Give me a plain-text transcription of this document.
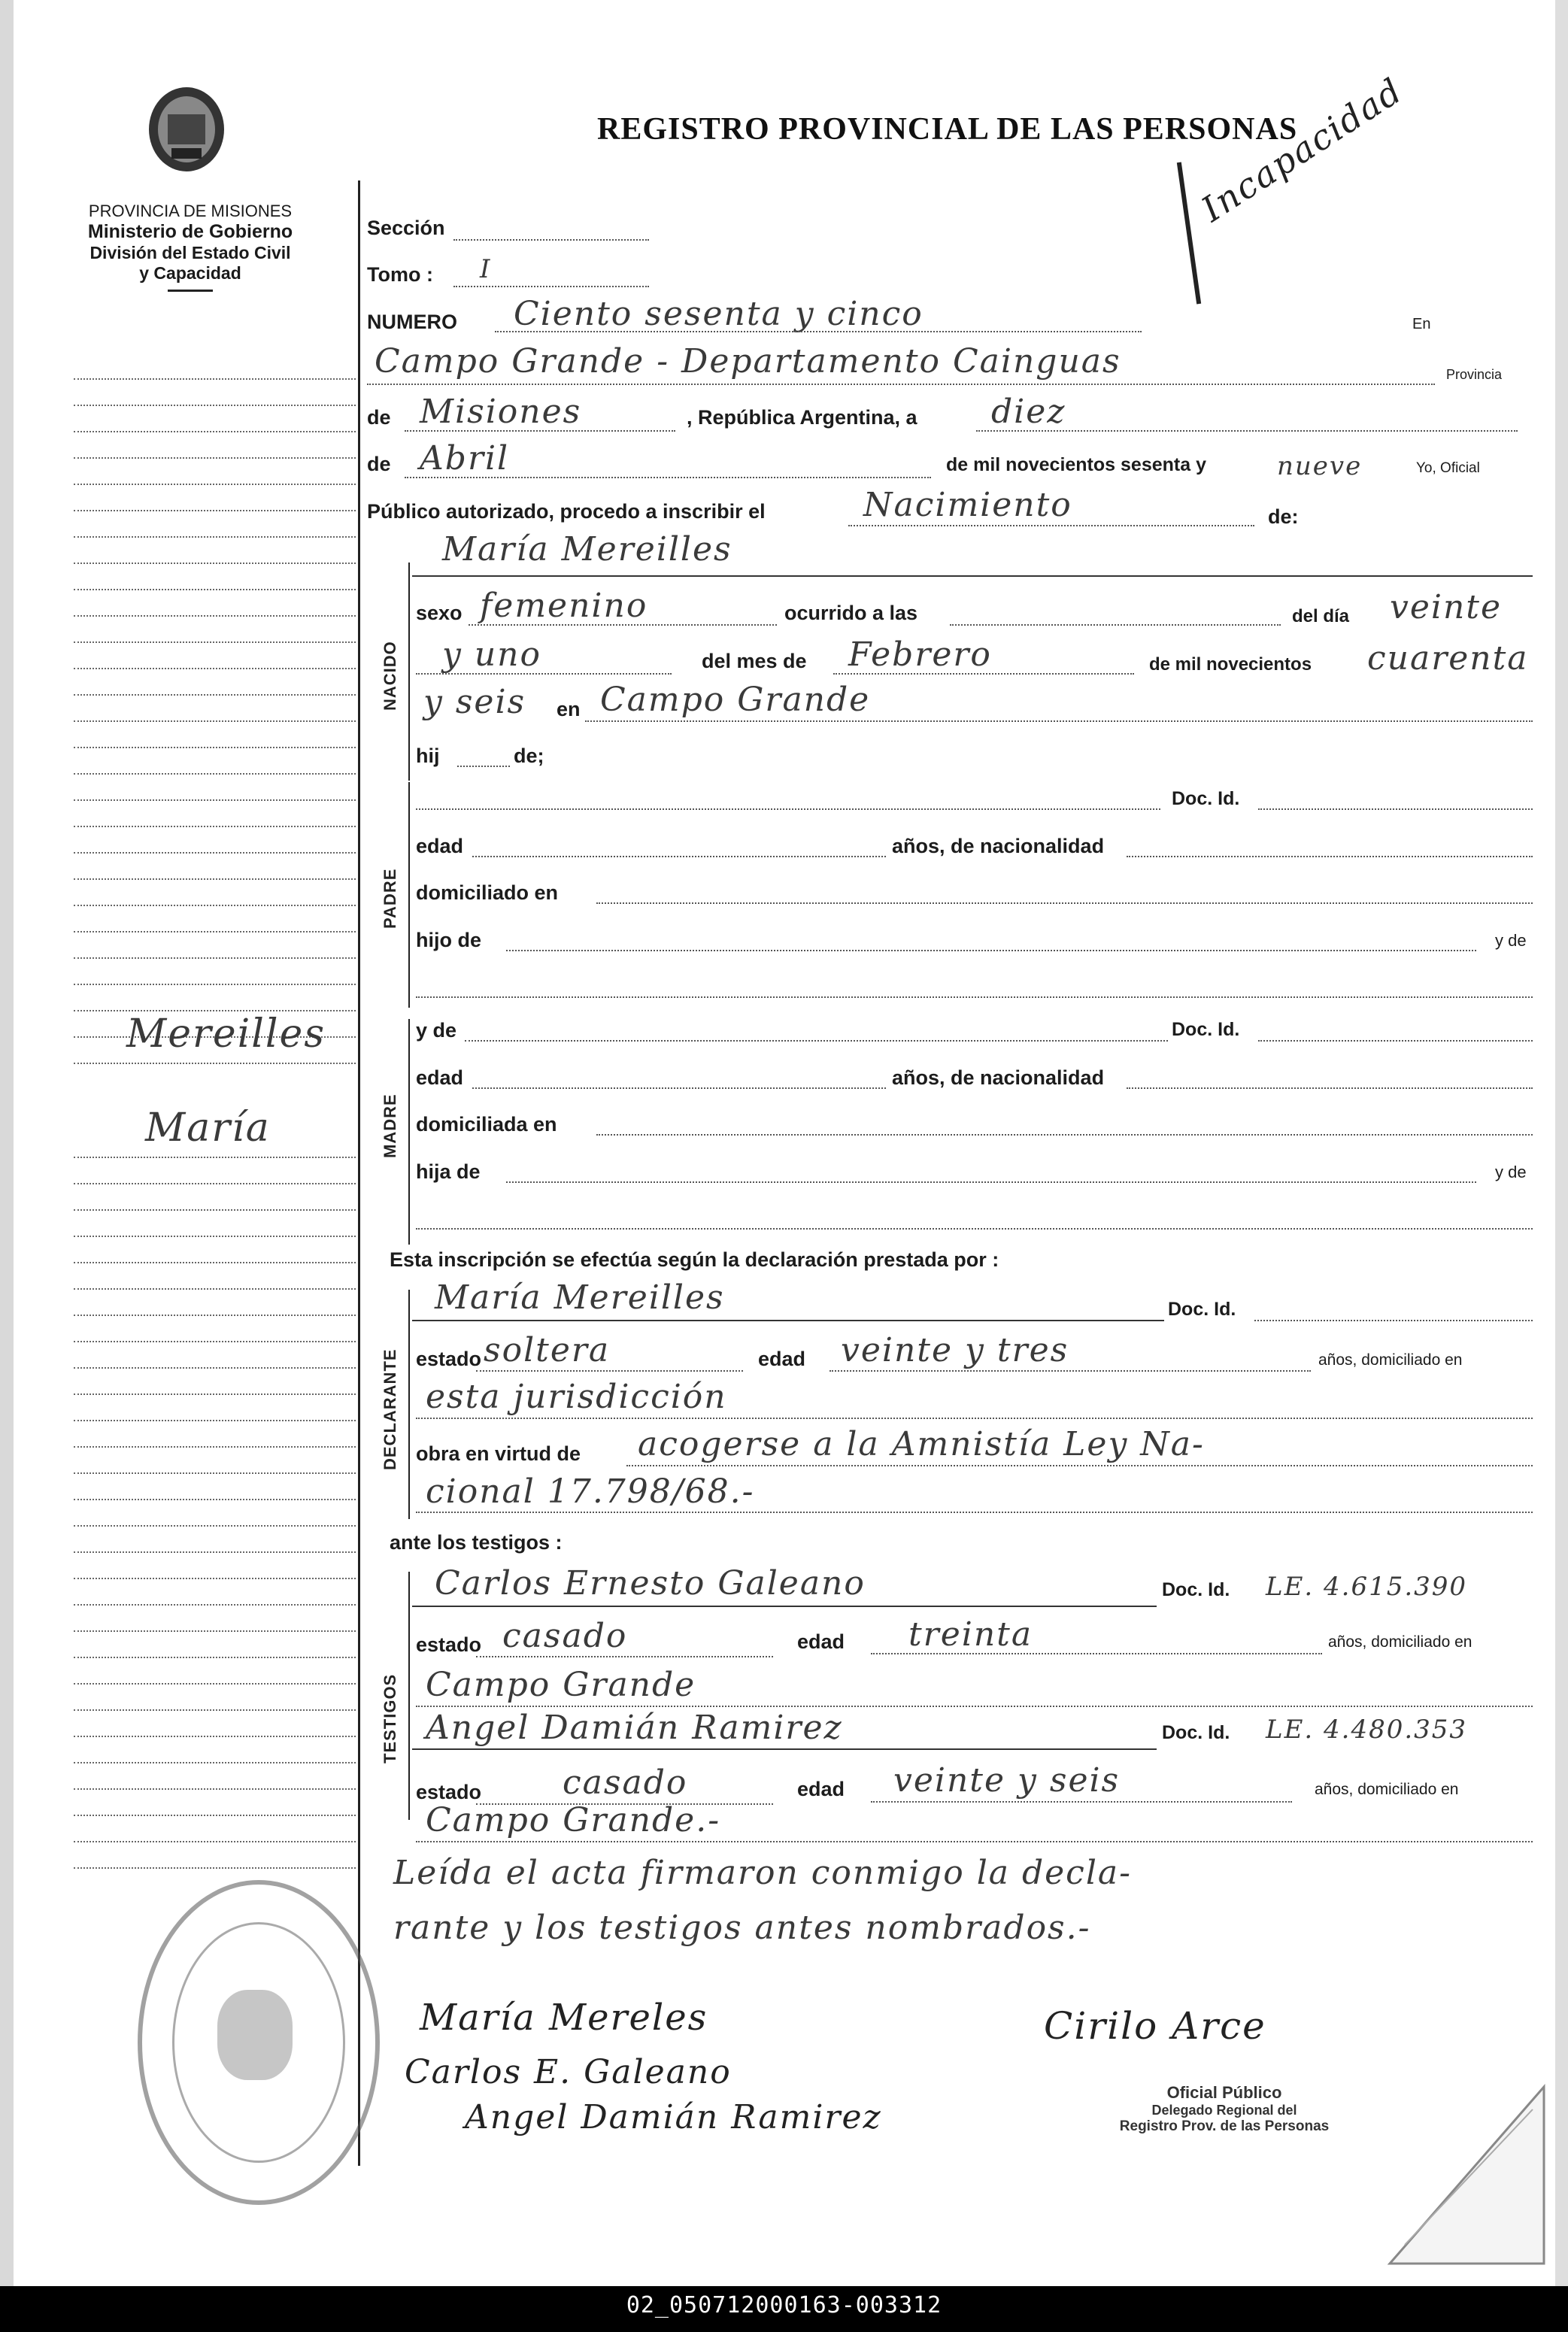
PROVINCIA DE MISIONES
Ministerio de Gobierno
División del Estado Civil
y Capacidad
REGISTRO PROVINCIAL DE LAS PERSONAS
Incapacidad
Mereilles
María
Sección
Tomo : I
NUMERO Ciento sesenta y cinco	En
Campo Grande - Departamento Cainguas	Provincia
de Misiones	, República Argentina, a diez
de Abril	de mil novecientos sesenta y	nueve	Yo, Oficial
Público autorizado, procedo a inscribir el	Nacimiento	de:
NACIDO
María Mereilles
sexo femenino	ocurrido a las	del día veinte
y uno	del mes de Febrero	de mil novecientos cuarenta
y seis en Campo Grande
hij	de;
PADRE
Doc. Id.
edad	años, de nacionalidad
domiciliado en
hijo de	y de
MADRE
y de	Doc. Id.
edad	años, de nacionalidad
domiciliada en
hija de	y de
Esta inscripción se efectúa según la declaración prestada por :
DECLARANTE
María Mereilles	Doc. Id.
estado soltera	edad veinte y tres	años, domiciliado en
esta jurisdicción
obra en virtud de acogerse a la Amnistía Ley Na-
cional 17.798/68.-
ante los testigos :
TESTIGOS
Carlos Ernesto Galeano	Doc. Id. LE. 4.615.390
estado casado	edad treinta	años, domiciliado en
Campo Grande
Angel Damián Ramirez	Doc. Id. LE. 4.480.353
estado casado	edad veinte y seis	años, domiciliado en
Campo Grande.-
Leída el acta firmaron conmigo la decla-
rante y los testigos antes nombrados.-
María Mereles
Carlos E. Galeano
Angel Damián Ramirez
Cirilo Arce
Oficial Público
Delegado Regional del
Registro Prov. de las Personas
02_050712000163-003312
